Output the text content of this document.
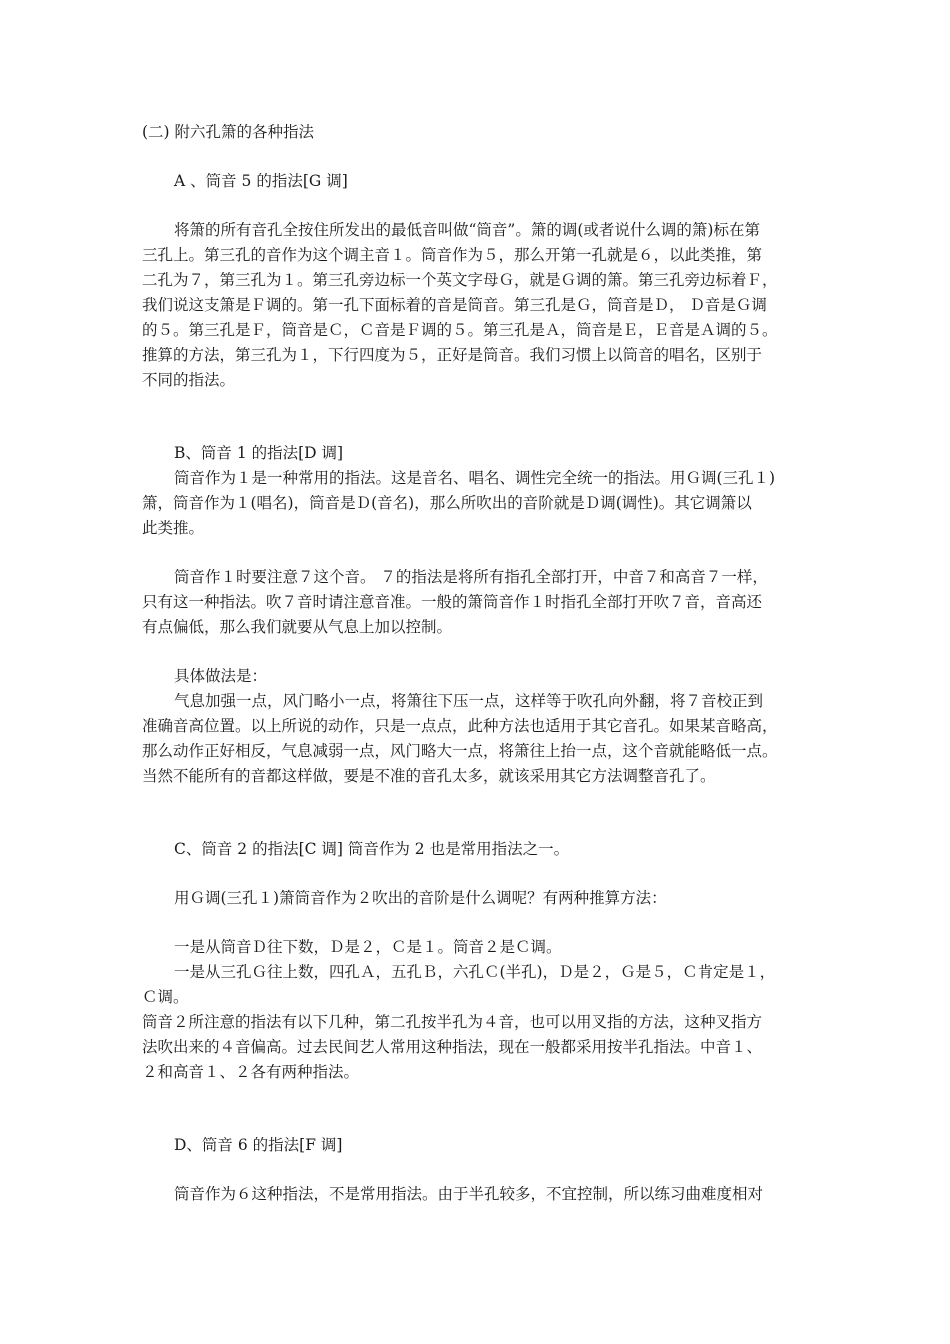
(二) 附六孔箫的各种指法
A 、筒音 5 的指法[G 调]
将箫的所有音孔全按住所发出的最低音叫做“筒音”。箫的调(或者说什么调的箫)标在第
三孔上。第三孔的音作为这个调主音１。筒音作为５，那么开第一孔就是６，以此类推，第
二孔为７，第三孔为１。第三孔旁边标一个英文字母Ｇ，就是Ｇ调的箫。第三孔旁边标着Ｆ，
我们说这支箫是Ｆ调的。第一孔下面标着的音是筒音。第三孔是Ｇ，筒音是Ｄ， Ｄ音是Ｇ调
的５。第三孔是Ｆ，筒音是Ｃ，Ｃ音是Ｆ调的５。第三孔是Ａ，筒音是Ｅ，Ｅ音是Ａ调的５。
推算的方法，第三孔为１，下行四度为５，正好是筒音。我们习惯上以筒音的唱名，区别于
不同的指法。
B、筒音 1 的指法[D 调]
筒音作为１是一种常用的指法。这是音名、唱名、调性完全统一的指法。用Ｇ调(三孔１)
箫，筒音作为１(唱名)，筒音是Ｄ(音名)，那么所吹出的音阶就是Ｄ调(调性)。其它调箫以
此类推。
筒音作１时要注意７这个音。 ７的指法是将所有指孔全部打开，中音７和高音７一样，
只有这一种指法。吹７音时请注意音准。一般的箫筒音作１时指孔全部打开吹７音，音高还
有点偏低，那么我们就要从气息上加以控制。
具体做法是：
气息加强一点，风门略小一点，将箫往下压一点，这样等于吹孔向外翻，将７音校正到
准确音高位置。以上所说的动作，只是一点点，此种方法也适用于其它音孔。如果某音略高，
那么动作正好相反，气息减弱一点，风门略大一点，将箫往上抬一点，这个音就能略低一点。
当然不能所有的音都这样做，要是不准的音孔太多，就该采用其它方法调整音孔了。
C、筒音 2 的指法[C 调] 筒音作为 2 也是常用指法之一。
用Ｇ调(三孔１)箫筒音作为２吹出的音阶是什么调呢？有两种推算方法：
一是从筒音Ｄ往下数，Ｄ是２，Ｃ是１。筒音２是Ｃ调。
一是从三孔Ｇ往上数，四孔Ａ，五孔Ｂ，六孔Ｃ(半孔)，Ｄ是２，Ｇ是５，Ｃ肯定是１，
Ｃ调。
筒音２所注意的指法有以下几种，第二孔按半孔为４音，也可以用叉指的方法，这种叉指方
法吹出来的４音偏高。过去民间艺人常用这种指法，现在一般都采用按半孔指法。中音１、
２和高音１、２各有两种指法。
D、筒音 6 的指法[F 调]
筒音作为６这种指法，不是常用指法。由于半孔较多，不宜控制，所以练习曲难度相对
